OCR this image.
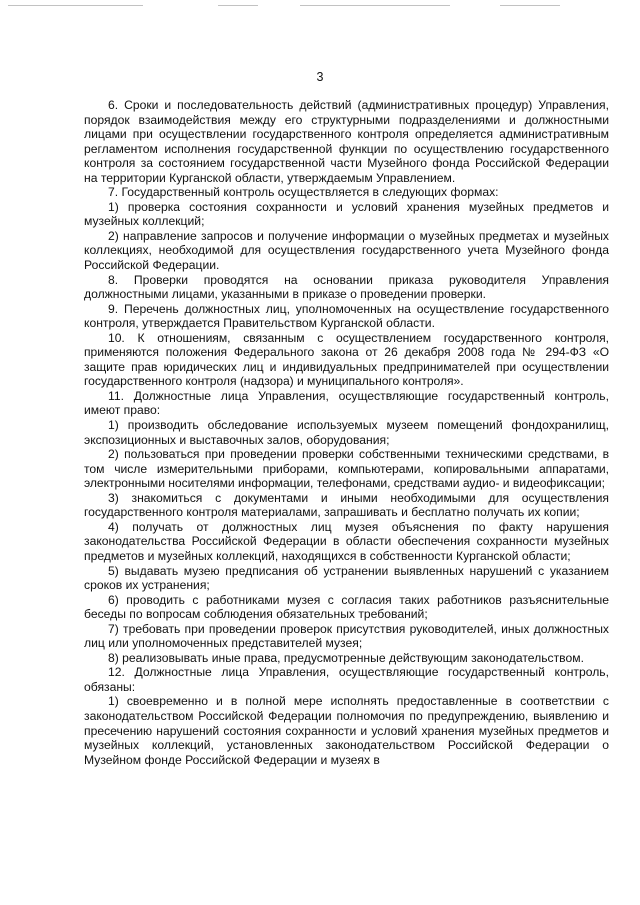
3

6. Сроки и последовательность действий (административных процедур) Управления, порядок взаимодействия между его структурными подразделениями и должностными лицами при осуществлении государственного контроля определяется административным регламентом исполнения государственной функции по осуществлению государственного контроля за состоянием государственной части Музейного фонда Российской Федерации на территории Курганской области, утверждаемым Управлением.

7. Государственный контроль осуществляется в следующих формах:

1) проверка состояния сохранности и условий хранения музейных предметов и музейных коллекций;

2) направление запросов и получение информации о музейных предметах и музейных коллекциях, необходимой для осуществления государственного учета Музейного фонда Российской Федерации.

8. Проверки проводятся на основании приказа руководителя Управления должностными лицами, указанными в приказе о проведении проверки.

9. Перечень должностных лиц, уполномоченных на осуществление государственного контроля, утверждается Правительством Курганской области.

10. К отношениям, связанным с осуществлением государственного контроля, применяются положения Федерального закона от 26 декабря 2008 года № 294-ФЗ «О защите прав юридических лиц и индивидуальных предпринимателей при осуществлении государственного контроля (надзора) и муниципального контроля».

11. Должностные лица Управления, осуществляющие государственный контроль, имеют право:

1) производить обследование используемых музеем помещений фондохранилищ, экспозиционных и выставочных залов, оборудования;

2) пользоваться при проведении проверки собственными техническими средствами, в том числе измерительными приборами, компьютерами, копировальными аппаратами, электронными носителями информации, телефонами, средствами аудио- и видеофиксации;

3) знакомиться с документами и иными необходимыми для осуществления государственного контроля материалами, запрашивать и бесплатно получать их копии;

4) получать от должностных лиц музея объяснения по факту нарушения законодательства Российской Федерации в области обеспечения сохранности музейных предметов и музейных коллекций, находящихся в собственности Курганской области;

5) выдавать музею предписания об устранении выявленных нарушений с указанием сроков их устранения;

6) проводить с работниками музея с согласия таких работников разъяснительные беседы по вопросам соблюдения обязательных требований;

7) требовать при проведении проверок присутствия руководителей, иных должностных лиц или уполномоченных представителей музея;

8) реализовывать иные права, предусмотренные действующим законодательством.

12. Должностные лица Управления, осуществляющие государственный контроль, обязаны:

1) своевременно и в полной мере исполнять предоставленные в соответствии с законодательством Российской Федерации полномочия по предупреждению, выявлению и пресечению нарушений состояния сохранности и условий хранения музейных предметов и музейных коллекций, установленных законодательством Российской Федерации о Музейном фонде Российской Федерации и музеях в
